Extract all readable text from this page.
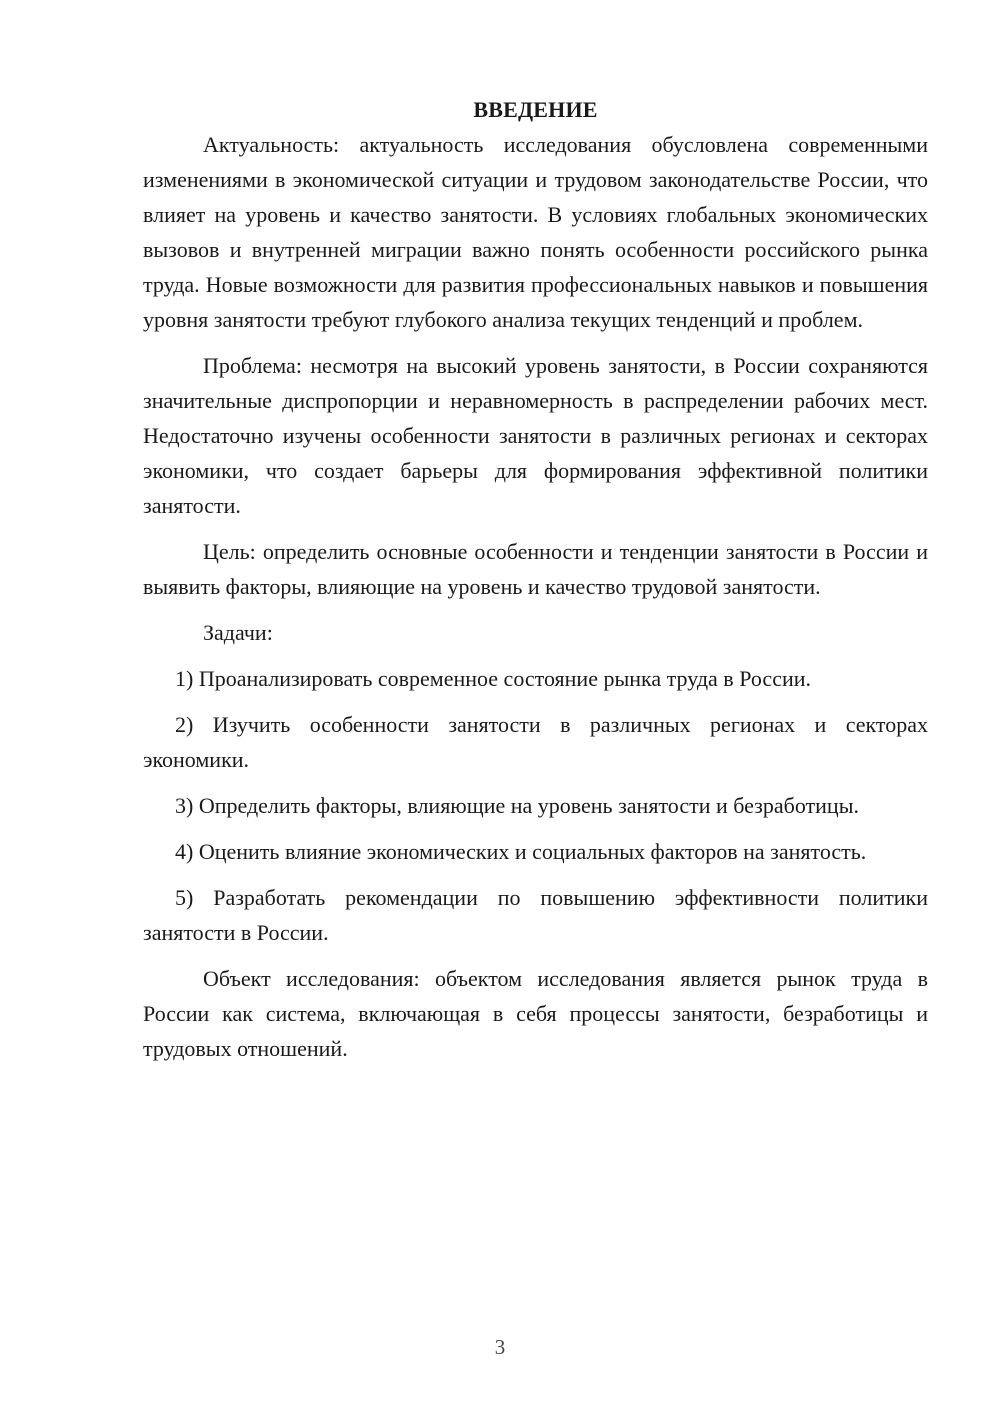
ВВЕДЕНИЕ

Актуальность: актуальность исследования обусловлена современными изменениями в экономической ситуации и трудовом законодательстве России, что влияет на уровень и качество занятости. В условиях глобальных экономических вызовов и внутренней миграции важно понять особенности российского рынка труда. Новые возможности для развития профессиональных навыков и повышения уровня занятости требуют глубокого анализа текущих тенденций и проблем.

Проблема: несмотря на высокий уровень занятости, в России сохраняются значительные диспропорции и неравномерность в распределении рабочих мест. Недостаточно изучены особенности занятости в различных регионах и секторах экономики, что создает барьеры для формирования эффективной политики занятости.

Цель: определить основные особенности и тенденции занятости в России и выявить факторы, влияющие на уровень и качество трудовой занятости.

Задачи:

1) Проанализировать современное состояние рынка труда в России.

2) Изучить особенности занятости в различных регионах и секторах экономики.

3) Определить факторы, влияющие на уровень занятости и безработицы.

4) Оценить влияние экономических и социальных факторов на занятость.

5) Разработать рекомендации по повышению эффективности политики занятости в России.

Объект исследования: объектом исследования является рынок труда в России как система, включающая в себя процессы занятости, безработицы и трудовых отношений.

3
